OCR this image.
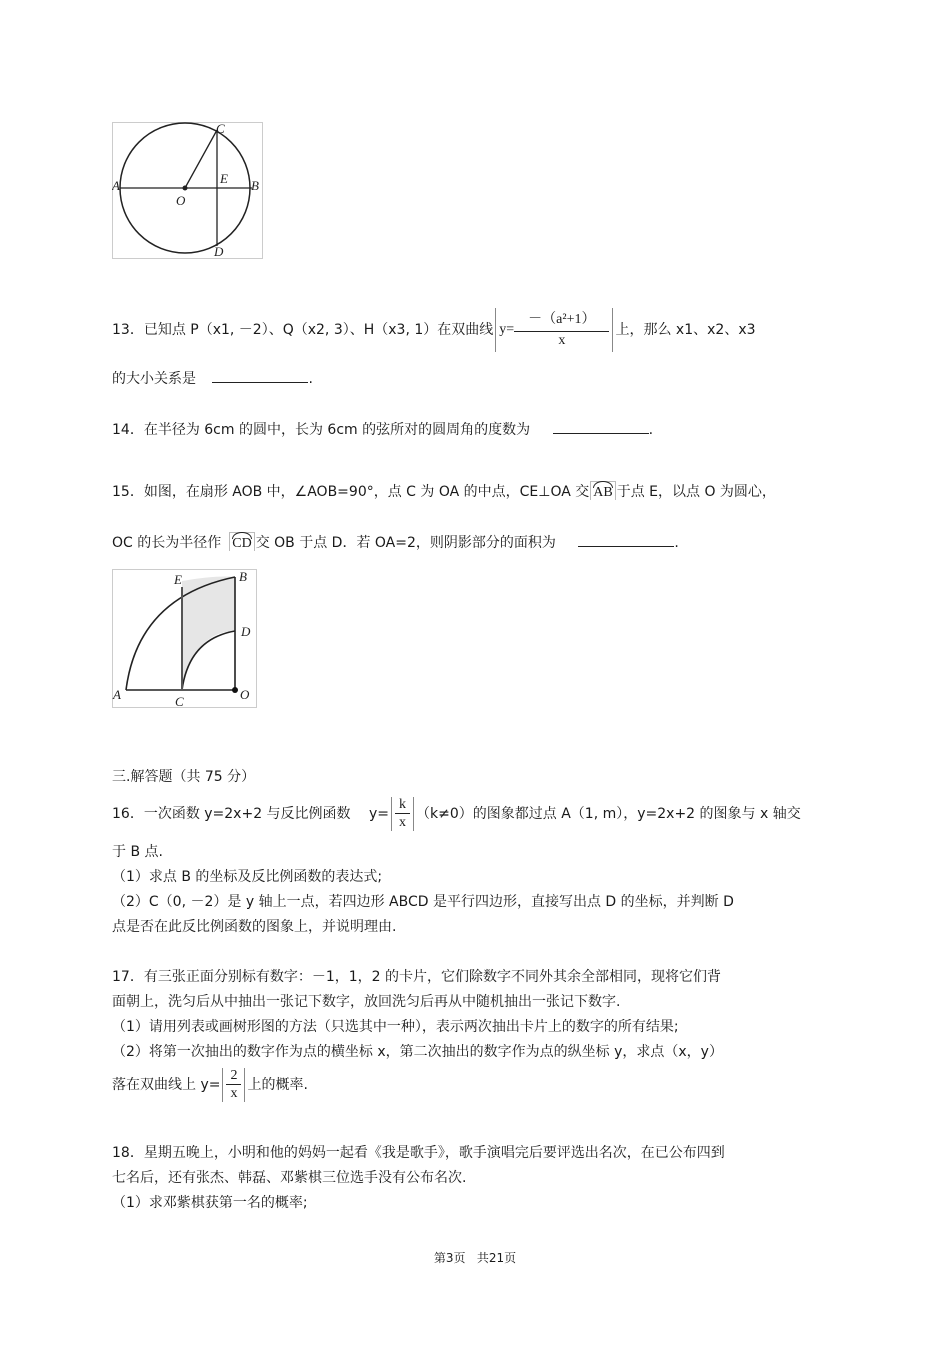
C
A	E B
O
D
13．已知点 P（x1, －2）、Q（x2, 3）、H（x3, 1）在双曲线 $y= \frac{\text{－（a²+1）}}{x}$ 上，那么 x1、x2、x3
的大小关系是	.
14．在半径为 6cm 的圆中，长为 6cm 的弦所对的圆周角的度数为	.
15．如图，在扇形 AOB 中，∠AOB=90°，点 C 为 OA 的中点，CE⊥OA 交 AB 于点 E，以点 O 为圆心，
OC 的长为半径作 CD 交 OB 于点 D．若 OA=2，则阴影部分的面积为	.
E	B
D
A	C	O
三.解答题（共 75 分）
16．一次函数 y=2x+2 与反比例函数 $y= \frac{k}{x} (k\ne 0)$的图象都过点 A（1, m），y=2x+2 的图象与 x 轴交
于 B 点.
（1）求点 B 的坐标及反比例函数的表达式;
（2）C（0, －2）是 y 轴上一点，若四边形 ABCD 是平行四边形，直接写出点 D 的坐标，并判断 D
点是否在此反比例函数的图象上，并说明理由.
17．有三张正面分别标有数字：－1，1，2 的卡片，它们除数字不同外其余全部相同，现将它们背
面朝上，洗匀后从中抽出一张记下数字，放回洗匀后再从中随机抽出一张记下数字.
（1）请用列表或画树形图的方法（只选其中一种），表示两次抽出卡片上的数字的所有结果;
（2）将第一次抽出的数字作为点的横坐标 x，第二次抽出的数字作为点的纵坐标 y，求点（x，y）
落在双曲线上 $y= \frac{2}{x}$ 上的概率.
18．星期五晚上，小明和他的妈妈一起看《我是歌手》，歌手演唱完后要评选出名次，在已公布四到
七名后，还有张杰、韩磊、邓紫棋三位选手没有公布名次.
（1）求邓紫棋获第一名的概率;
第3页   共21页
